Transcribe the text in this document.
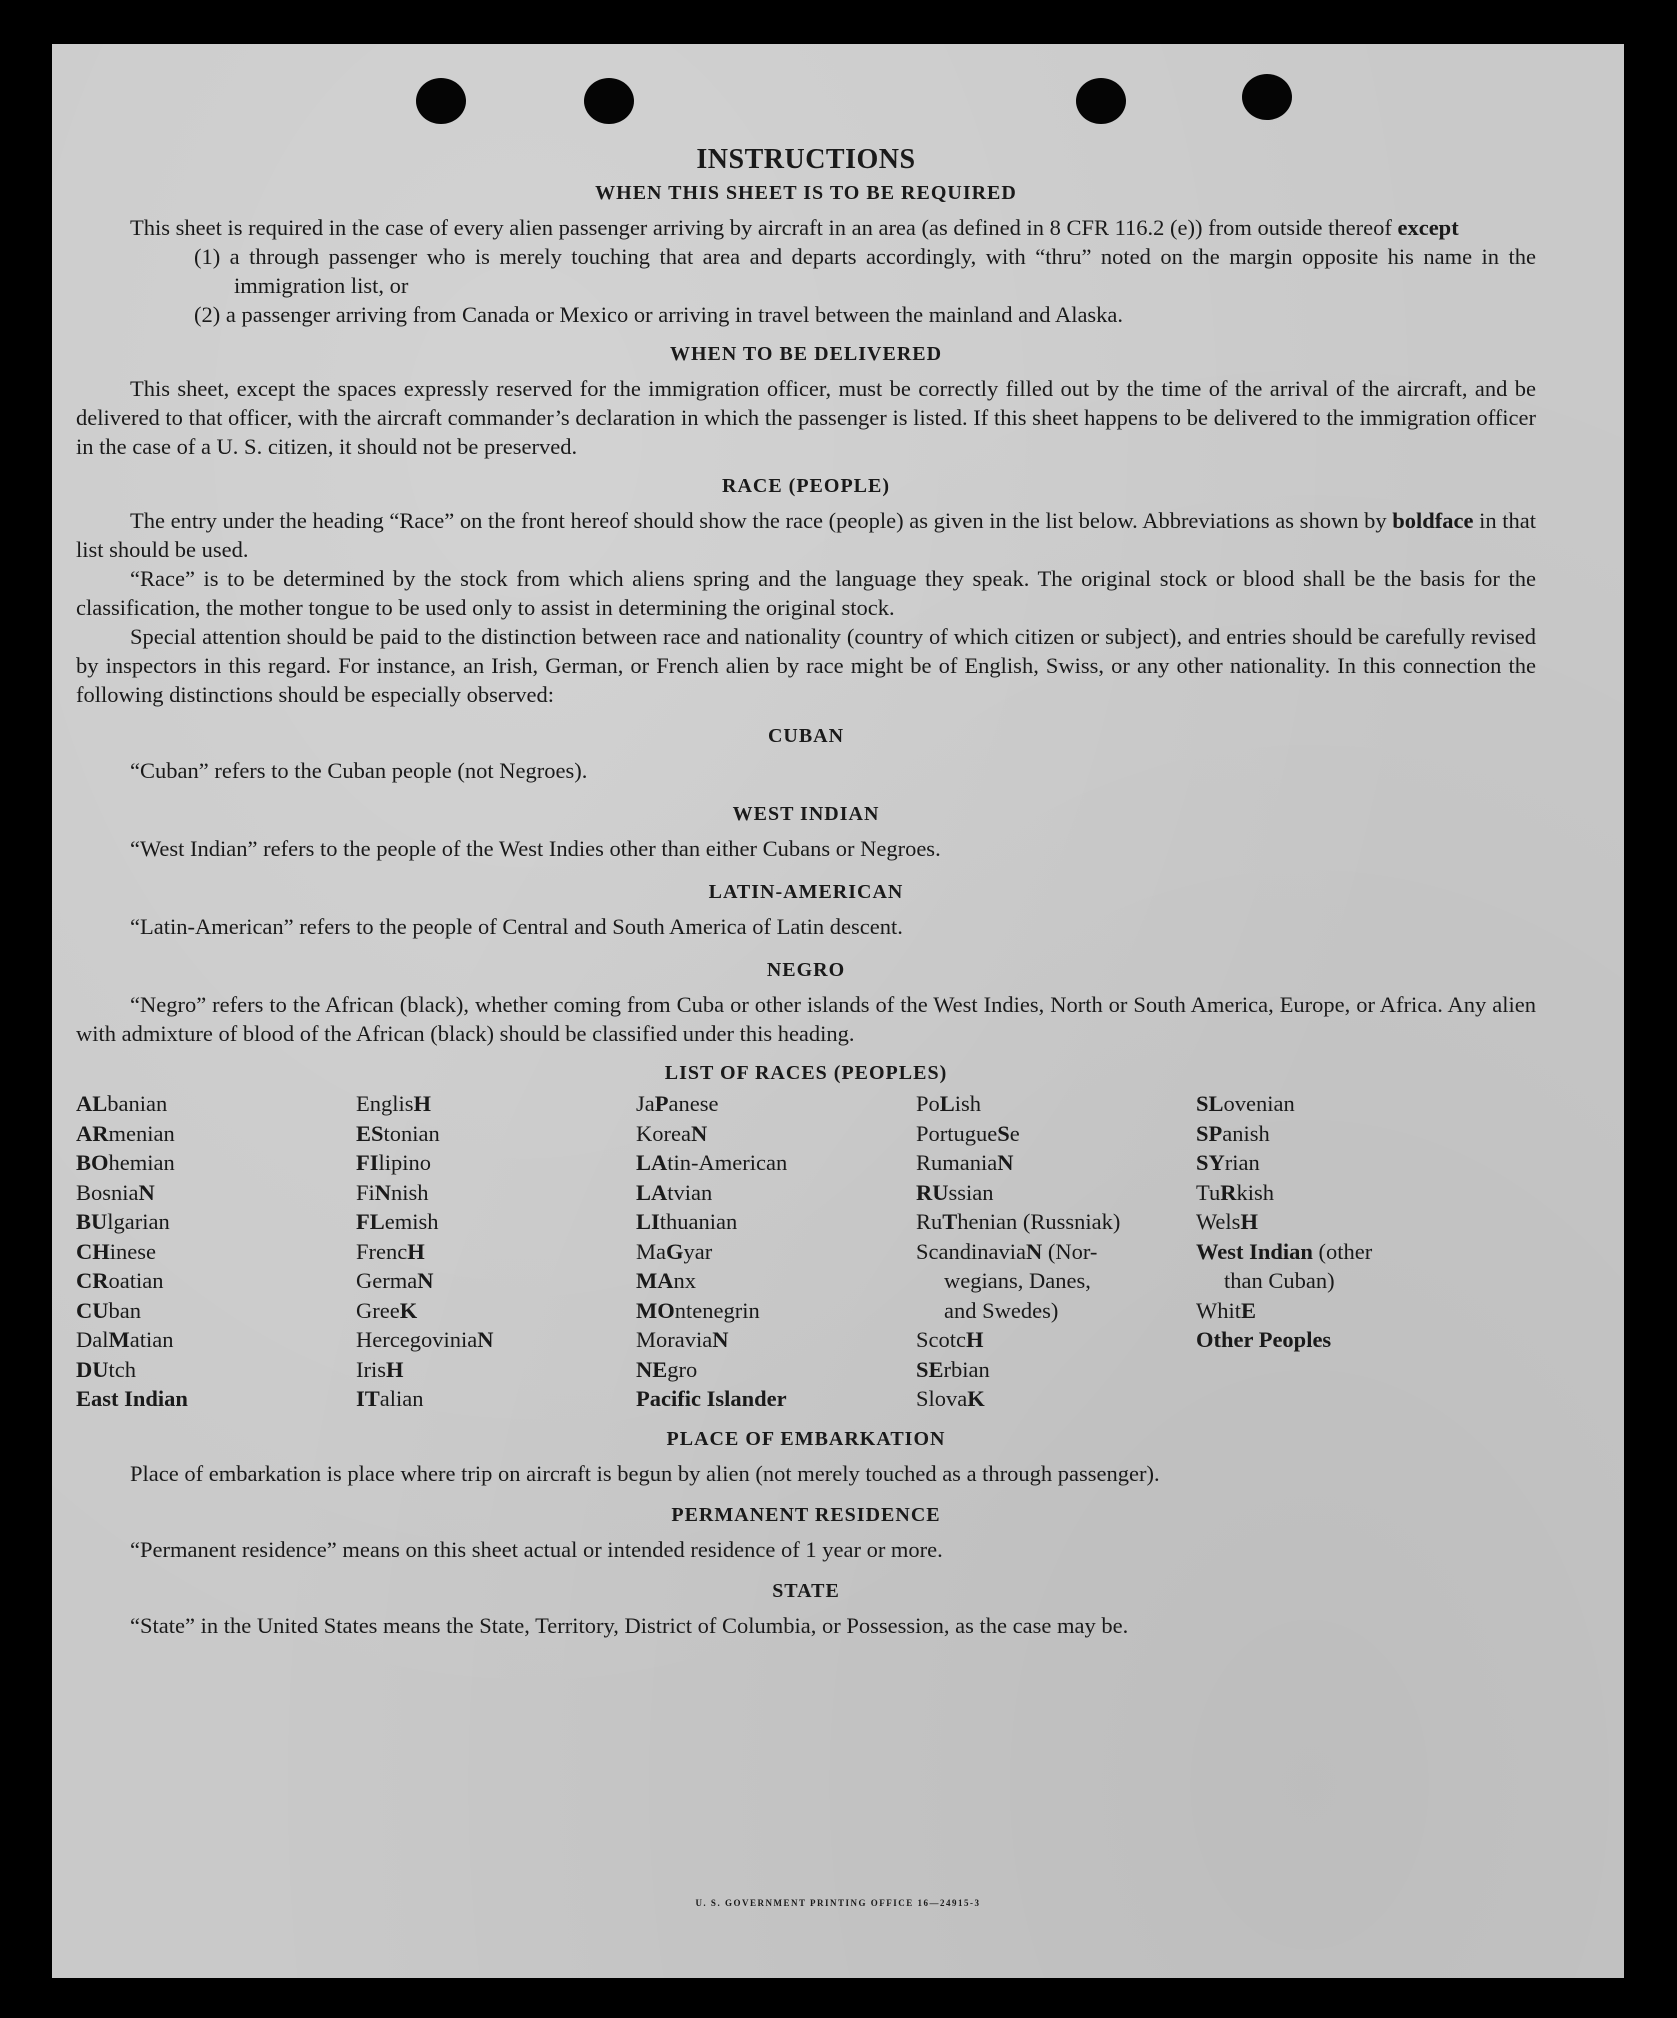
INSTRUCTIONS
WHEN THIS SHEET IS TO BE REQUIRED

This sheet is required in the case of every alien passenger arriving by aircraft in an area (as defined in 8 CFR 116.2 (e)) from outside thereof except

(1) a through passenger who is merely touching that area and departs accordingly, with “thru” noted on the margin opposite his name in the immigration list, or
(2) a passenger arriving from Canada or Mexico or arriving in travel between the mainland and Alaska.
WHEN TO BE DELIVERED

This sheet, except the spaces expressly reserved for the immigration officer, must be correctly filled out by the time of the arrival of the aircraft, and be delivered to that officer, with the aircraft commander’s declaration in which the passenger is listed. If this sheet happens to be delivered to the immigration officer in the case of a U. S. citizen, it should not be preserved.

RACE (PEOPLE)

The entry under the heading “Race” on the front hereof should show the race (people) as given in the list below. Abbreviations as shown by boldface in that list should be used.

“Race” is to be determined by the stock from which aliens spring and the language they speak. The original stock or blood shall be the basis for the classification, the mother tongue to be used only to assist in determining the original stock.

Special attention should be paid to the distinction between race and nationality (country of which citizen or subject), and entries should be carefully revised by inspectors in this regard. For instance, an Irish, German, or French alien by race might be of English, Swiss, or any other nationality. In this connection the following distinctions should be especially observed:

CUBAN

“Cuban” refers to the Cuban people (not Negroes).

WEST INDIAN

“West Indian” refers to the people of the West Indies other than either Cubans or Negroes.

LATIN-AMERICAN

“Latin-American” refers to the people of Central and South America of Latin descent.

NEGRO

“Negro” refers to the African (black), whether coming from Cuba or other islands of the West Indies, North or South America, Europe, or Africa. Any alien with admixture of blood of the African (black) should be classified under this heading.

LIST OF RACES (PEOPLES)
ALbanian
ARmenian
BOhemian
BosniaN
BUlgarian
CHinese
CRoatian
CUban
DalMatian
DUtch
East Indian
EnglisH
EStonian
FIlipino
FiNnish
FLemish
FrencH
GermaN
GreeK
HercegoviniaN
IrisH
ITalian
JaPanese
KoreaN
LAtin-American
LAtvian
LIthuanian
MaGyar
MAnx
MOntenegrin
MoraviaN
NEgro
Pacific Islander
PoLish
PortugueSe
RumaniaN
RUssian
RuThenian (Russniak)
ScandinaviaN (Nor-
wegians, Danes,
and Swedes)
ScotcH
SErbian
SlovaK
SLovenian
SPanish
SYrian
TuRkish
WelsH
West Indian (other
than Cuban)
WhitE
Other Peoples
PLACE OF EMBARKATION

Place of embarkation is place where trip on aircraft is begun by alien (not merely touched as a through passenger).

PERMANENT RESIDENCE

“Permanent residence” means on this sheet actual or intended residence of 1 year or more.

STATE

“State” in the United States means the State, Territory, District of Columbia, or Possession, as the case may be.

U. S. GOVERNMENT PRINTING OFFICE 16—24915-3
